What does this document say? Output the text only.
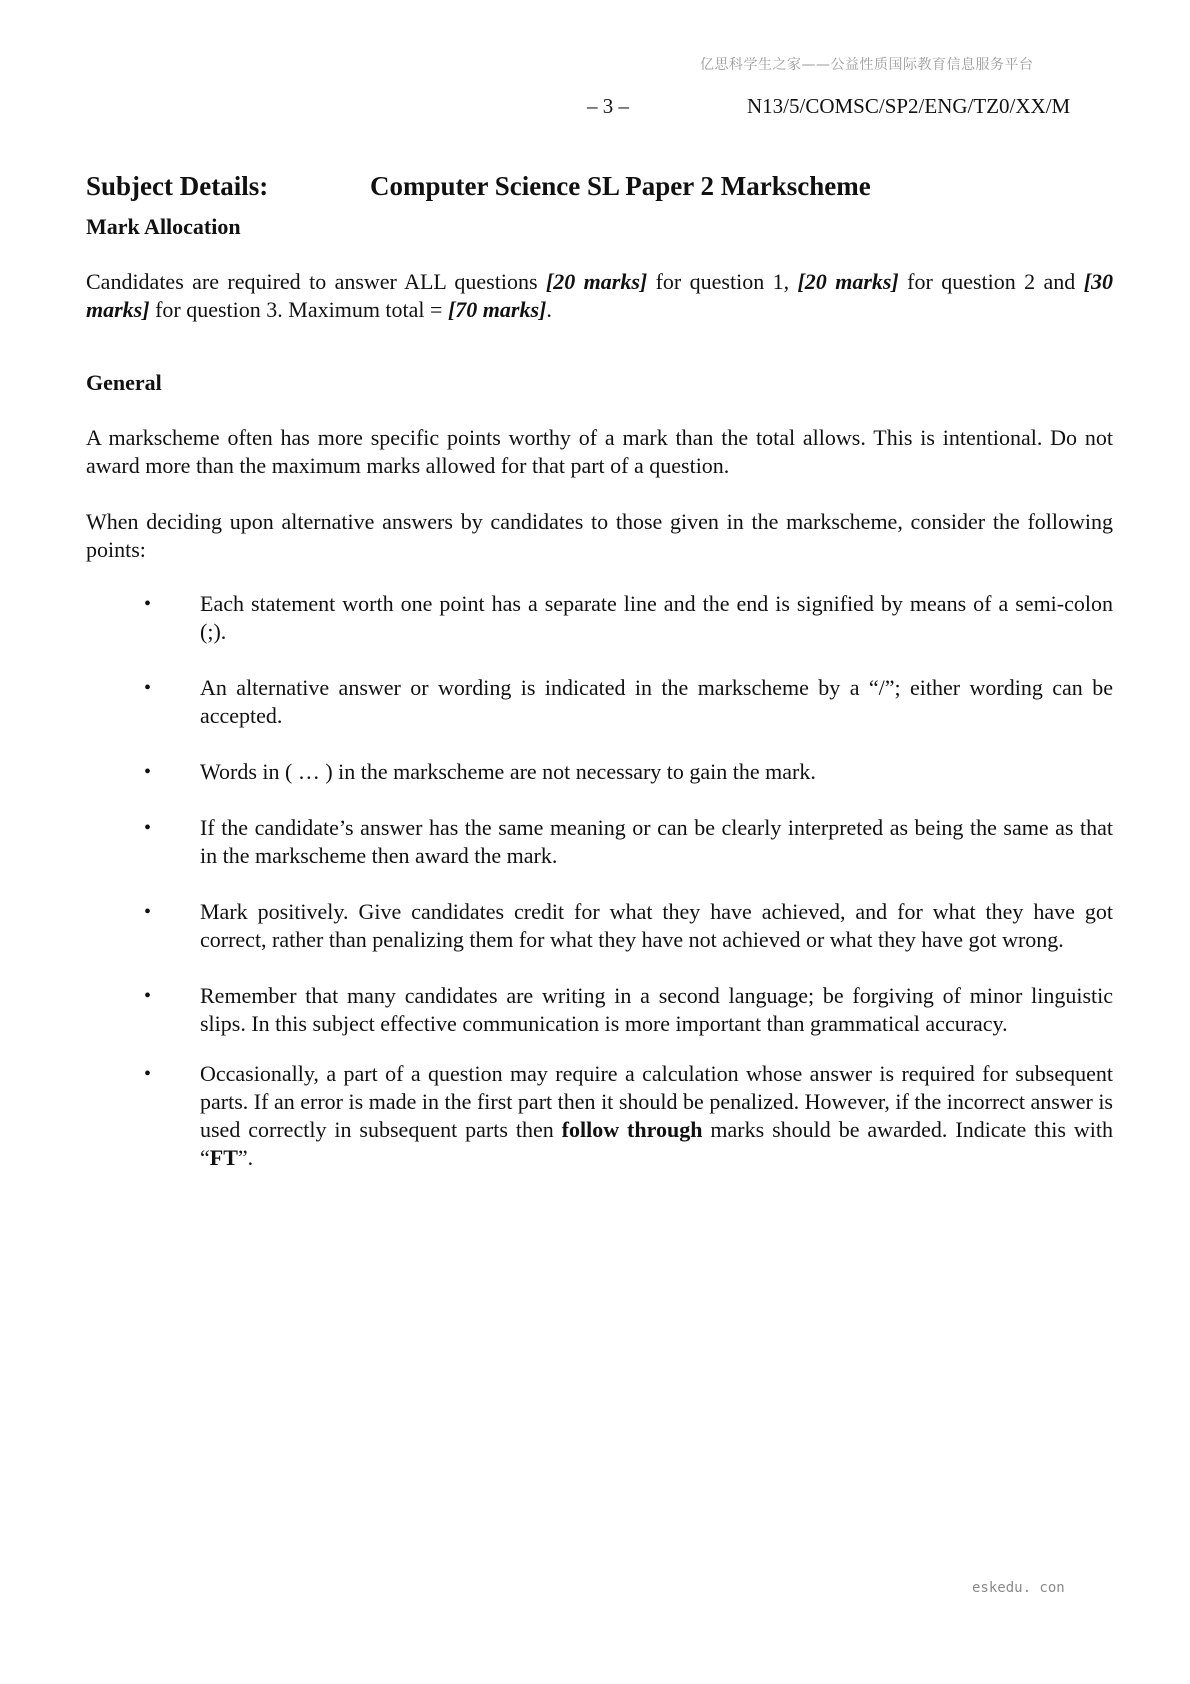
亿思科学生之家——公益性质国际教育信息服务平台
– 3 –	N13/5/COMSC/SP2/ENG/TZ0/XX/M
Subject Details:	Computer Science SL Paper 2 Markscheme
Mark Allocation
Candidates are required to answer ALL questions [20 marks] for question 1, [20 marks] for question 2 and [30 marks] for question 3. Maximum total = [70 marks].
General
A markscheme often has more specific points worthy of a mark than the total allows. This is intentional. Do not award more than the maximum marks allowed for that part of a question.
When deciding upon alternative answers by candidates to those given in the markscheme, consider the following points:
• Each statement worth one point has a separate line and the end is signified by means of a semi-colon (;).
• An alternative answer or wording is indicated in the markscheme by a “/”; either wording can be accepted.
• Words in ( … ) in the markscheme are not necessary to gain the mark.
• If the candidate’s answer has the same meaning or can be clearly interpreted as being the same as that in the markscheme then award the mark.
• Mark positively. Give candidates credit for what they have achieved, and for what they have got correct, rather than penalizing them for what they have not achieved or what they have got wrong.
• Remember that many candidates are writing in a second language; be forgiving of minor linguistic slips. In this subject effective communication is more important than grammatical accuracy.
• Occasionally, a part of a question may require a calculation whose answer is required for subsequent parts. If an error is made in the first part then it should be penalized. However, if the incorrect answer is used correctly in subsequent parts then follow through marks should be awarded. Indicate this with “FT”.
eskedu. con
